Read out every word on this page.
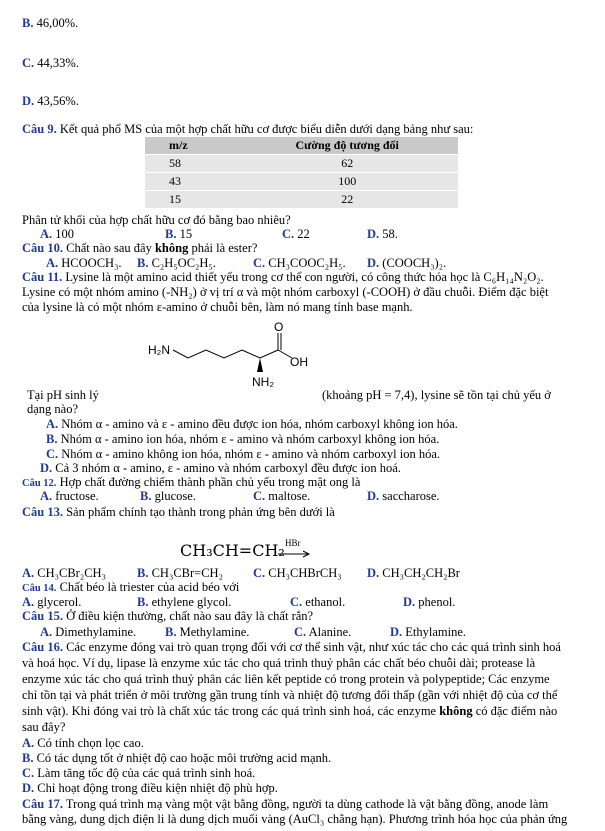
B. 46,00%.
C. 44,33%.
D. 43,56%.
Câu 9. Kết quả phổ MS của một hợp chất hữu cơ được biểu diễn dưới dạng bảng như sau:
m/z	Cường độ tương đối
58	62
43	100
15	22
Phân tử khối của hợp chất hữu cơ đó bằng bao nhiêu?
A. 100	B. 15	C. 22	D. 58.
Câu 10. Chất nào sau đây không phải là ester?
A. HCOOCH₃. B. C₂H₅OC₂H₅.	C. CH₃COOC₂H₅. D. (COOCH₃)₂.
Câu 11. Lysine là một amino acid thiết yếu trong cơ thể con người, có công thức hóa học là C₆H₁₄N₂O₂.
Lysine có một nhóm amino (-NH₂) ở vị trí α và một nhóm carboxyl (-COOH) ở đầu chuỗi. Điểm đặc biệt
của lysine là có một nhóm ε-amino ở chuỗi bên, làm nó mang tính base mạnh.
H₂N
O
OH
NH₂
Tại pH sinh lý	(khoảng pH = 7,4), lysine sẽ tồn tại chủ yếu ở
dạng nào?
A. Nhóm α - amino và ε - amino đều được ion hóa, nhóm carboxyl không ion hóa.
B. Nhóm α - amino ion hóa, nhóm ε - amino và nhóm carboxyl không ion hóa.
C. Nhóm α - amino không ion hóa, nhóm ε - amino và nhóm carboxyl ion hóa.
D. Cả 3 nhóm α - amino, ε - amino và nhóm carboxyl đều được ion hoá.
Câu 12. Hợp chất đường chiếm thành phần chủ yếu trong mật ong là
A. fructose.	B. glucose.	C. maltose.	D. saccharose.
Câu 13. Sản phẩm chính tạo thành trong phản ứng bên dưới là
CH₃CH=CH₂ HBr
A. CH₃CBr₂CH₃ B. CH₃CBr=CH₂ C. CH₃CHBrCH₃ D. CH₃CH₂CH₂Br
Câu 14. Chất béo là triester của acid béo với
A. glycerol.	B. ethylene glycol.	C. ethanol.	D. phenol.
Câu 15. Ở điều kiện thường, chất nào sau đây là chất rắn?
A. Dimethylamine. B. Methylamine.	C. Alanine.	D. Ethylamine.
Câu 16. Các enzyme đóng vai trò quan trọng đối với cơ thể sinh vật, như xúc tác cho các quá trình sinh hoá
và hoá học. Ví dụ, lipase là enzyme xúc tác cho quá trình thuỷ phân các chất béo chuỗi dài; protease là
enzyme xúc tác cho quá trình thuỷ phân các liên kết peptide có trong protein và polypeptide; Các enzyme
chỉ tồn tại và phát triển ở môi trường gần trung tính và nhiệt độ tương đối thấp (gần với nhiệt độ của cơ thể
sinh vật). Khi đóng vai trò là chất xúc tác trong các quá trình sinh hoá, các enzyme không có đặc điểm nào
sau đây?
A. Có tính chọn lọc cao.
B. Có tác dụng tốt ở nhiệt độ cao hoặc môi trường acid mạnh.
C. Làm tăng tốc độ của các quá trình sinh hoá.
D. Chỉ hoạt động trong điều kiện nhiệt độ phù hợp.
Câu 17. Trong quá trình mạ vàng một vật bằng đồng, người ta dùng cathode là vật bằng đồng, anode làm
bằng vàng, dung dịch điện li là dung dịch muối vàng (AuCl₃ chẳng hạn). Phương trình hóa học của phản ứng
